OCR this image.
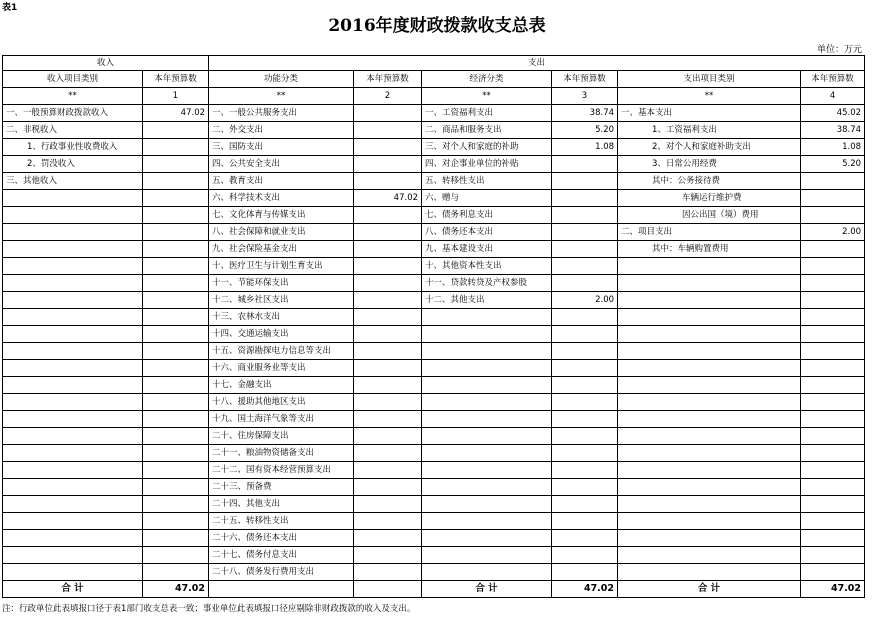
表1
2016年度财政拨款收支总表
单位：万元
收入		支出					
收入项目类别	本年预算数	功能分类	本年预算数	经济分类	本年预算数	支出项目类别	本年预算数
**	1	**	2	**	3	**	4
一、一般预算财政拨款收入	47.02	一、一般公共服务支出		一、工资福利支出	38.74	一、基本支出	45.02
二、非税收入		二、外交支出		二、商品和服务支出	5.20	1、工资福利支出	38.74
1、行政事业性收费收入		三、国防支出		三、对个人和家庭的补助	1.08	2、对个人和家庭补助支出	1.08
2、罚没收入		四、公共安全支出		四、对企事业单位的补贴		3、日常公用经费	5.20
三、其他收入		五、教育支出		五、转移性支出		其中：公务接待费	
		六、科学技术支出	47.02	六、赠与		车辆运行维护费	
		七、文化体育与传媒支出		七、债务利息支出		因公出国（境）费用	
		八、社会保障和就业支出		八、债务还本支出		二、项目支出	2.00
		九、社会保险基金支出		九、基本建设支出		其中：车辆购置费用	
		十、医疗卫生与计划生育支出		十、其他资本性支出			
		十一、节能环保支出		十一、贷款转贷及产权参股			
		十二、城乡社区支出		十二、其他支出	2.00		
		十三、农林水支出					
		十四、交通运输支出					
		十五、资源勘探电力信息等支出					
		十六、商业服务业等支出					
		十七、金融支出					
		十八、援助其他地区支出					
		十九、国土海洋气象等支出					
		二十、住房保障支出					
		二十一、粮油物资储备支出					
		二十二、国有资本经营预算支出					
		二十三、预备费					
		二十四、其他支出					
		二十五、转移性支出					
		二十六、债务还本支出					
		二十七、债务付息支出					
		二十八、债务发行费用支出					
合 计	47.02			合 计	47.02	合 计	47.02
注：行政单位此表填报口径于表1部门收支总表一致；事业单位此表填报口径应剔除非财政拨款的收入及支出。
